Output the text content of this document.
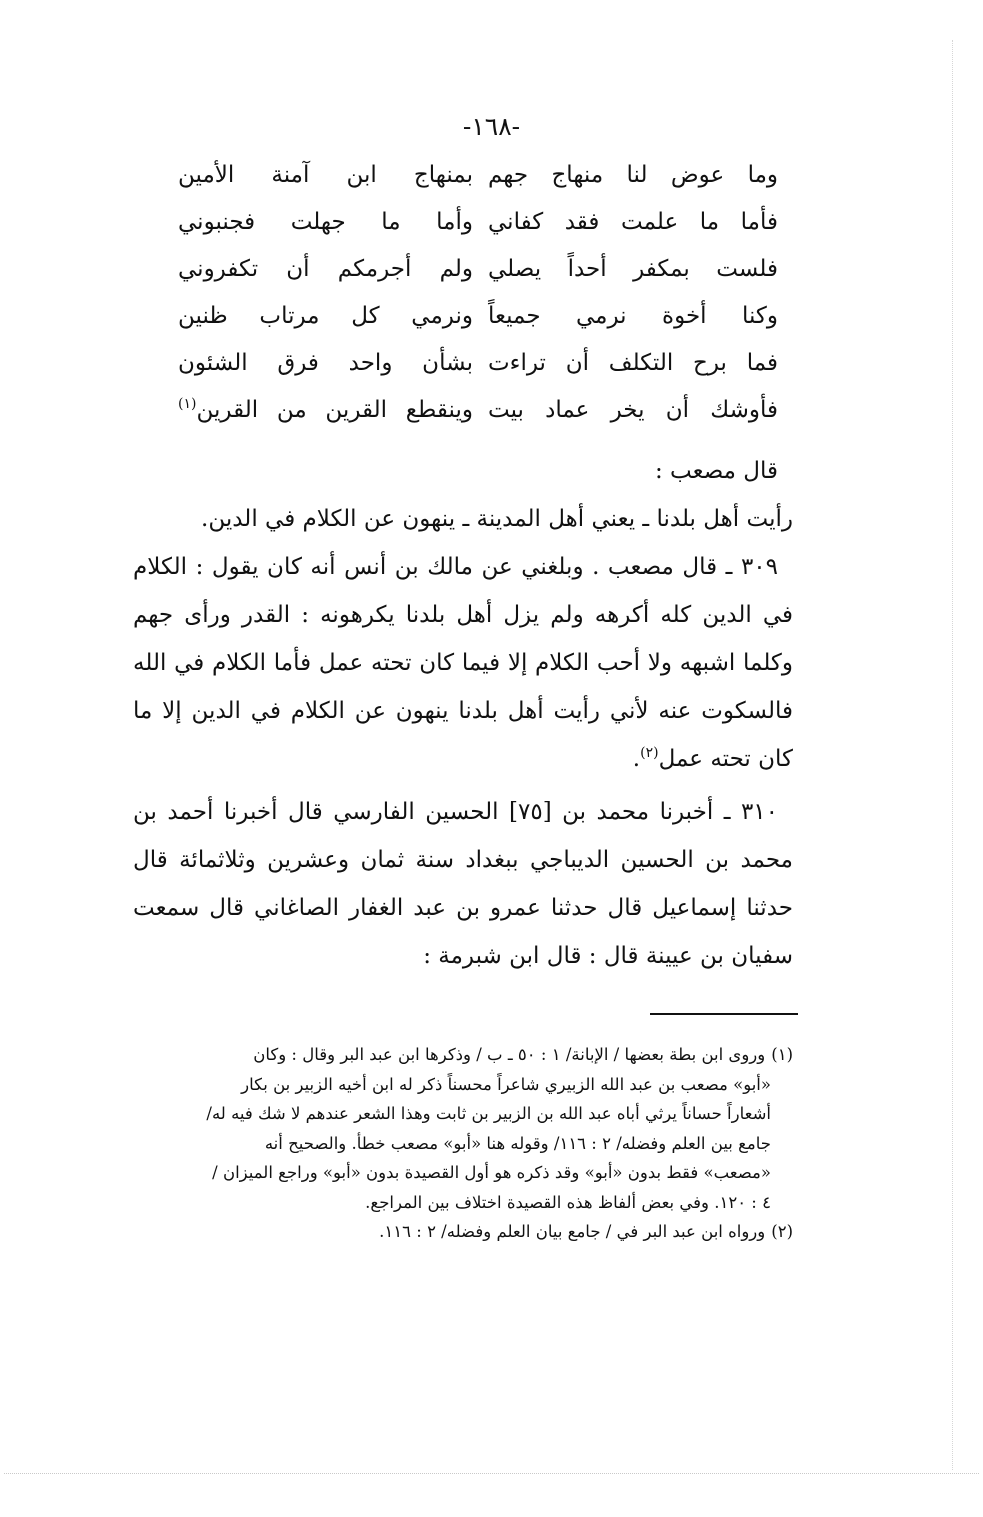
-١٦٨-
وما عوض لنا منهاج جهم
بمنهاج ابن آمنة الأمين
فأما ما علمت فقد كفاني
وأما ما جهلت فجنبوني
فلست بمكفر أحداً يصلي
ولم أجرمكم أن تكفروني
وكنا أخوة نرمي جميعاً
ونرمي كل مرتاب ظنين
فما برح التكلف أن تراءت
بشأن واحد فرق الشئون
فأوشك أن يخر عماد بيت
وينقطع القرين من القرين$^{(١)}$
قال مصعب :
رأيت أهل بلدنا ـ يعني أهل المدينة ـ ينهون عن الكلام في الدين.
٣٠٩ ـ قال مصعب . وبلغني عن مالك بن أنس أنه كان يقول : الكلام في الدين كله أكرهه ولم يزل أهل بلدنا يكرهونه : القدر ورأى جهم وكلما اشبهه ولا أحب الكلام إلا فيما كان تحته عمل فأما الكلام في الله فالسكوت عنه لأني رأيت أهل بلدنا ينهون عن الكلام في الدين إلا ما كان تحته عمل$^{(٢)}$.
٣١٠ ـ أخبرنا محمد بن [٧٥] الحسين الفارسي قال أخبرنا أحمد بن محمد بن الحسين الديباجي ببغداد سنة ثمان وعشرين وثلاثمائة قال حدثنا إسماعيل قال حدثنا عمرو بن عبد الغفار الصاغاني قال سمعت سفيان بن عيينة قال : قال ابن شبرمة :
(١)وروى ابن بطة بعضها / الإبانة/ ١ : ٥٠ ـ ب / وذكرها ابن عبد البر وقال : وكان
«أبو» مصعب بن عبد الله الزبيري شاعراً محسناً ذكر له ابن أخيه الزبير بن بكار
أشعاراً حساناً يرثي أباه عبد الله بن الزبير بن ثابت وهذا الشعر عندهم لا شك فيه له/
جامع بين العلم وفضله/ ٢ : ١١٦/ وقوله هنا «أبو» مصعب خطأ. والصحيح أنه
«مصعب» فقط بدون «أبو» وقد ذكره هو أول القصيدة بدون «أبو» وراجع الميزان /
٤ : ١٢٠. وفي بعض ألفاظ هذه القصيدة اختلاف بين المراجع.
(٢)ورواه ابن عبد البر في / جامع بيان العلم وفضله/ ٢ : ١١٦.
